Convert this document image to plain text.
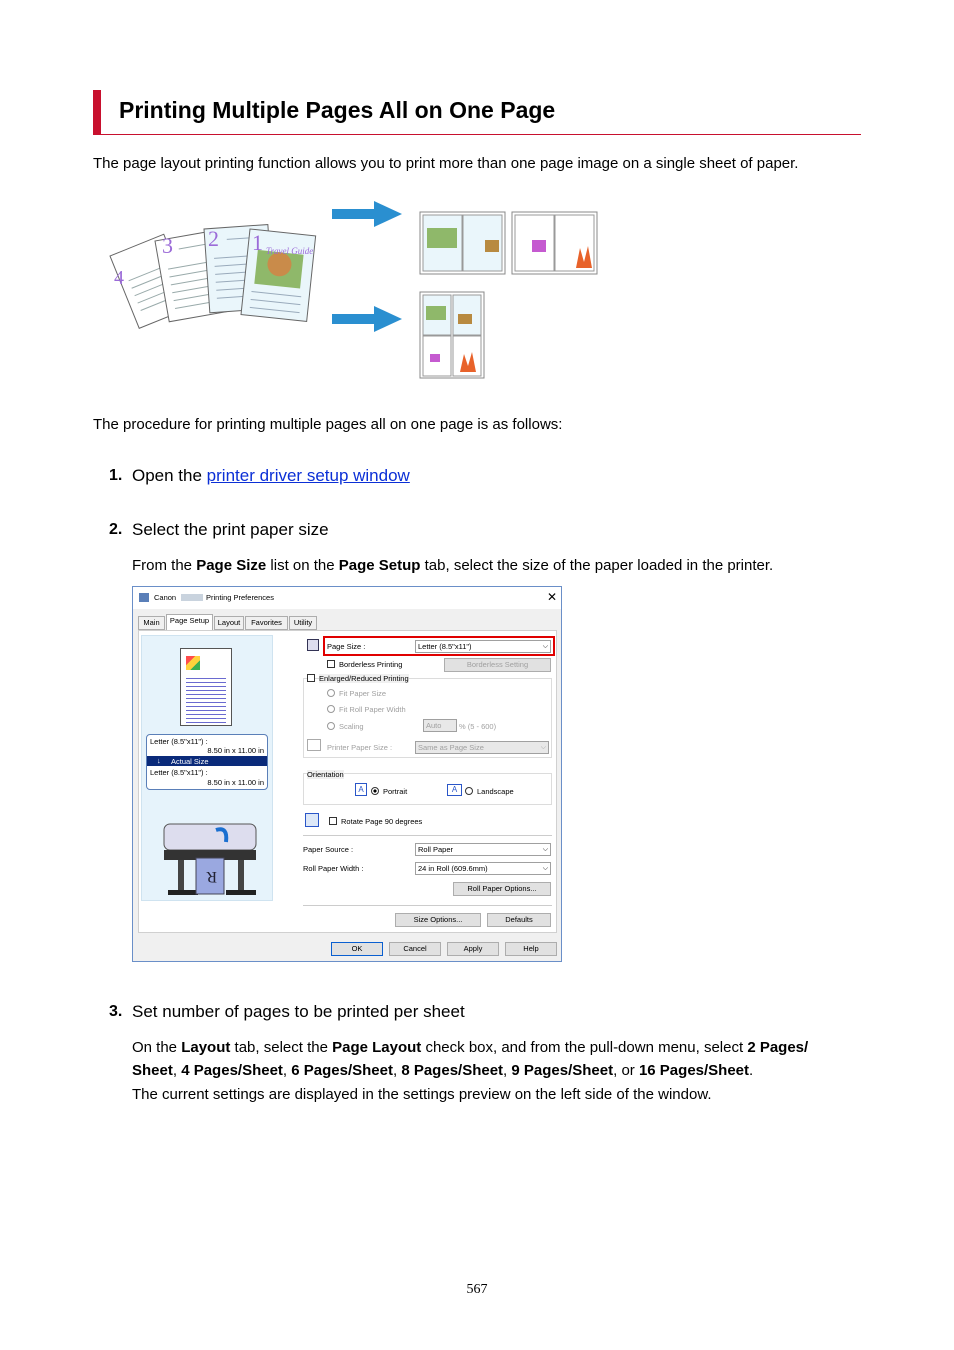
Printing Multiple Pages All on One Page
The page layout printing function allows you to print more than one page image on a single sheet of paper.
4
3 2 1 Travel Guide
The procedure for printing multiple pages all on one page is as follows:
1. Open the printer driver setup window
2. Select the print paper size
From the Page Size list on the Page Setup tab, select the size of the paper loaded in the printer.
Canon	Printing Preferences	✕
Main	Page Setup	Layout	Favorites	Utility
Letter (8.5"x11") :
8.50 in x 11.00 in
Actual Size
↓
Letter (8.5"x11") :
8.50 in x 11.00 in
R
Page Size :	Letter (8.5"x11")	⌵
Borderless Printing	Borderless Setting
Enlarged/Reduced Printing
Fit Paper Size
Fit Roll Paper Width
Scaling	Auto	% (5 - 600)
Printer Paper Size :	Same as Page Size	⌵
Orientation
A	Portrait	A	Landscape
Rotate Page 90 degrees
Paper Source :	Roll Paper	⌵
Roll Paper Width :	24 in Roll (609.6mm)	⌵
Roll Paper Options...
Size Options...	Defaults
OK	Cancel	Apply	Help
3. Set number of pages to be printed per sheet
On the Layout tab, select the Page Layout check box, and from the pull-down menu, select 2 Pages/
Sheet, 4 Pages/Sheet, 6 Pages/Sheet, 8 Pages/Sheet, 9 Pages/Sheet, or 16 Pages/Sheet.
The current settings are displayed in the settings preview on the left side of the window.
567
